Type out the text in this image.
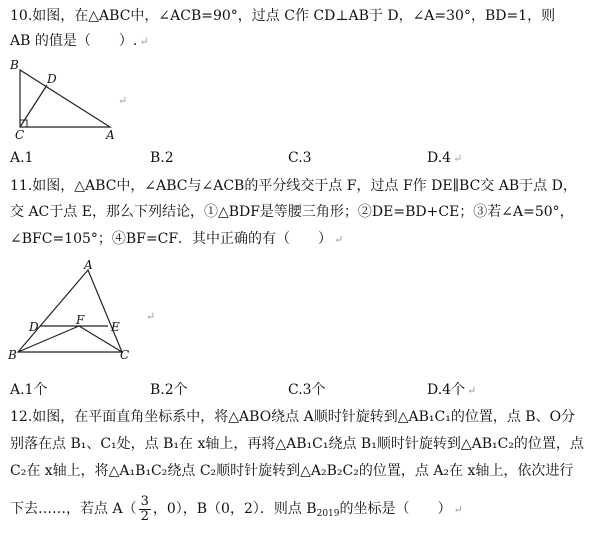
10.如图，在△ABC中，∠ACB=90°，过点 C作 CD⊥AB于 D，∠A=30°，BD=1，则
AB 的值是（　　）. ↵
B
D
C	A
A
D	F E
B	C
↵
A.1	B.2	C.3	D.4 ↵
11.如图，△ABC中，∠ABC与∠ACB的平分线交于点 F，过点 F作 DE∥BC交 AB于点 D，
交 AC于点 E，那么下列结论，①△BDF是等腰三角形；②DE=BD+CE；③若∠A=50°，
∠BFC=105°；④BF=CF．其中正确的有（　　） ↵
↵
A.1个	B.2个	C.3个	D.4个 ↵
12.如图，在平面直角坐标系中，将△ABO绕点 A顺时针旋转到△AB₁C₁的位置，点 B、O分
别落在点 B₁、C₁处，点 B₁在 x轴上，再将△AB₁C₁绕点 B₁顺时针旋转到△AB₁C₂的位置，点
C₂在 x轴上，将△A₁B₁C₂绕点 C₂顺时针旋转到△A₂B₂C₂的位置，点 A₂在 x轴上，依次进行
下去……，若点 $A( \frac{3}{2}$ ，0），B（0，2）．则点 $B_{2019}$的坐标是（　　） ↵
